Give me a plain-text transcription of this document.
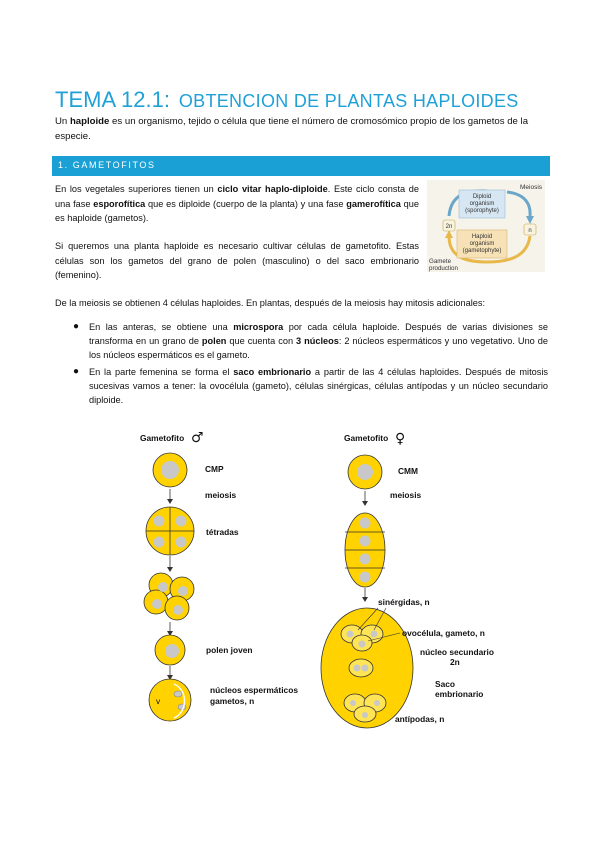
TEMA 12.1: OBTENCION DE PLANTAS HAPLOIDES

Un haploide es un organismo, tejido o célula que tiene el número de cromosómico propio de los gametos de la especie.

1. GAMETOFITOS

En los vegetales superiores tienen un ciclo vitar haplo-diploide. Este ciclo consta de una fase esporofítica que es diploide (cuerpo de la planta) y una fase gamerofítica que es haploide (gametos).

Si queremos una planta haploide es necesario cultivar células de gametofito. Estas células son los gametos del grano de polen (masculino) o del saco embrionario (femenino).

De la meiosis se obtienen 4 células haploides. En plantas, después de la meiosis hay mitosis adicionales:

● En las anteras, se obtiene una microspora por cada célula haploide. Después de varias divisiones se transforma en un grano de polen que cuenta con 3 núcleos: 2 núcleos espermáticos y uno vegetativo. Uno de los núcleos espermáticos es el gameto.
● En la parte femenina se forma el saco embrionario a partir de las 4 células haploides. Después de mitosis sucesivas vamos a tener: la ovocélula (gameto), células sinérgicas, células antípodas y un núcleo secundario diploide.
Diploid
organism
(sporophyte)
Haploid
organism
(gametophyte)
Meiosis
2n
n
Gamete
production
Gametofito ♂
CMP
meiosis
tétradas
polen joven
v
núcleos espermáticos
gametos, n
Gametofito ♀
CMM
meiosis
sinérgidas, n
ovocélula, gameto, n
núcleo secundario
2n
Saco
embrionario
antípodas, n
